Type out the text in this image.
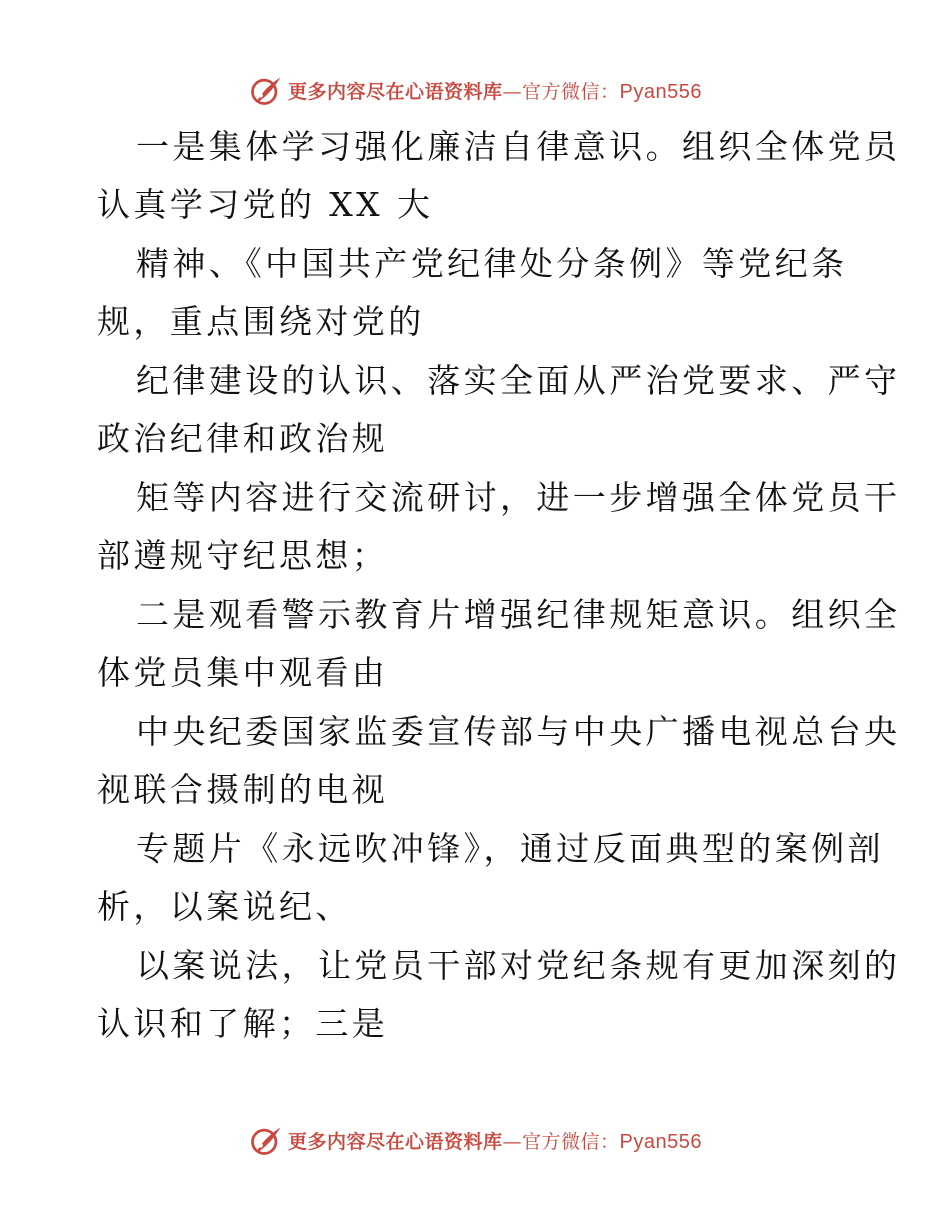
更多内容尽在心语资料库—官方微信：Pyan556
一是集体学习强化廉洁自律意识。组织全体党员
认真学习党的 XX 大
精神、《中国共产党纪律处分条例》等党纪条
规，重点围绕对党的
纪律建设的认识、落实全面从严治党要求、严守
政治纪律和政治规
矩等内容进行交流研讨，进一步增强全体党员干
部遵规守纪思想；
二是观看警示教育片增强纪律规矩意识。组织全
体党员集中观看由
中央纪委国家监委宣传部与中央广播电视总台央
视联合摄制的电视
专题片《永远吹冲锋》，通过反面典型的案例剖
析，以案说纪、
以案说法，让党员干部对党纪条规有更加深刻的
认识和了解；三是
更多内容尽在心语资料库—官方微信：Pyan556
